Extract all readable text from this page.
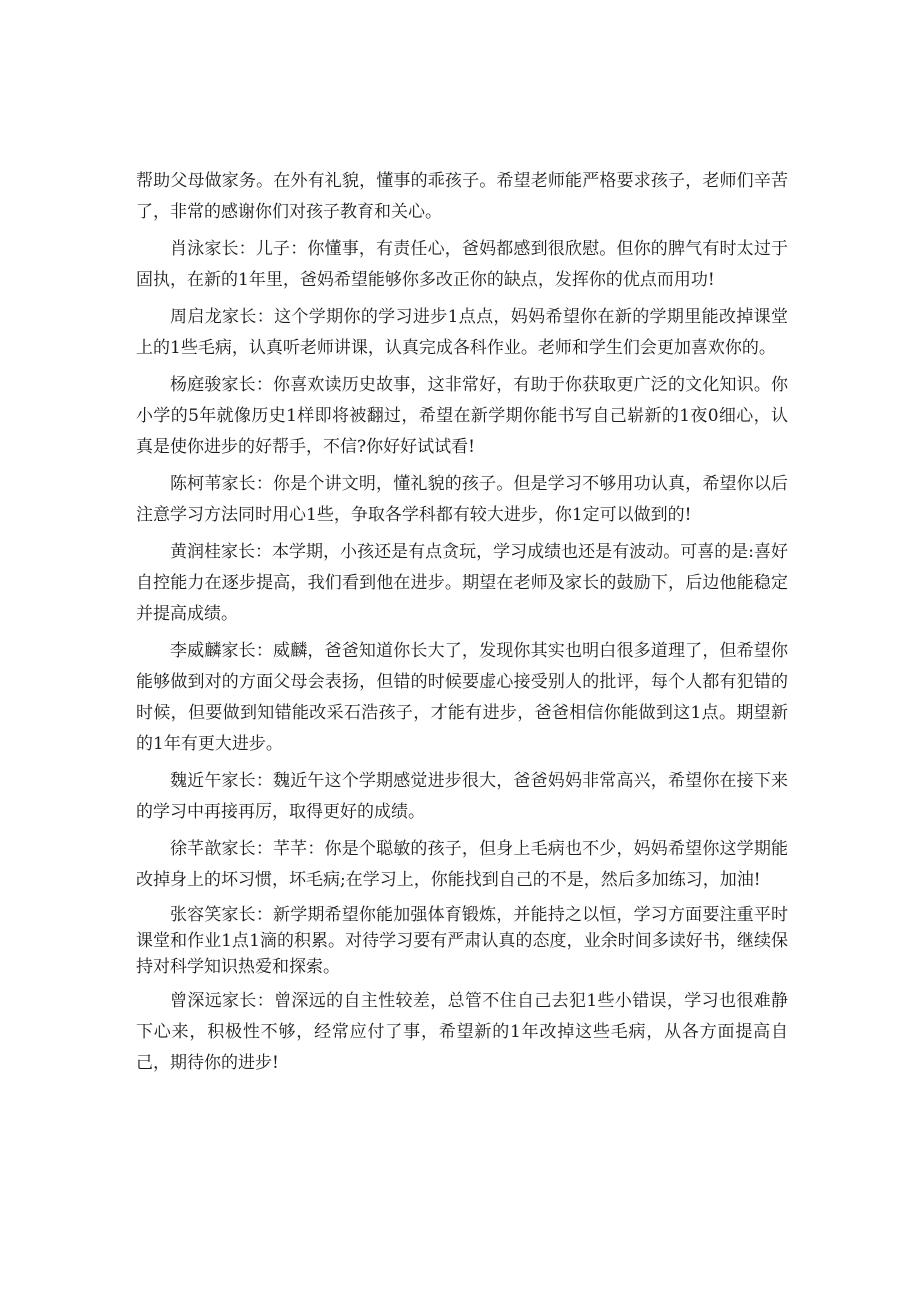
帮助父母做家务。在外有礼貌，懂事的乖孩子。希望老师能严格要求孩子，老师们辛苦了，非常的感谢你们对孩子教育和关心。

肖泳家长：儿子：你懂事，有责任心，爸妈都感到很欣慰。但你的脾气有时太过于固执，在新的1年里，爸妈希望能够你多改正你的缺点，发挥你的优点而用功!

周启龙家长：这个学期你的学习进步1点点，妈妈希望你在新的学期里能改掉课堂上的1些毛病，认真听老师讲课，认真完成各科作业。老师和学生们会更加喜欢你的。

杨庭骏家长：你喜欢读历史故事，这非常好，有助于你获取更广泛的文化知识。你小学的5年就像历史1样即将被翻过，希望在新学期你能书写自己崭新的1夜0细心，认真是使你进步的好帮手，不信?你好好试试看!

陈柯苇家长：你是个讲文明，懂礼貌的孩子。但是学习不够用功认真，希望你以后注意学习方法同时用心1些，争取各学科都有较大进步，你1定可以做到的!

黄润桂家长：本学期，小孩还是有点贪玩，学习成绩也还是有波动。可喜的是:喜好自控能力在逐步提高，我们看到他在进步。期望在老师及家长的鼓励下，后边他能稳定并提高成绩。

李威麟家长：威麟，爸爸知道你长大了，发现你其实也明白很多道理了，但希望你能够做到对的方面父母会表扬，但错的时候要虚心接受别人的批评，每个人都有犯错的时候，但要做到知错能改采石浩孩子，才能有进步，爸爸相信你能做到这1点。期望新的1年有更大进步。

魏近午家长：魏近午这个学期感觉进步很大，爸爸妈妈非常高兴，希望你在接下来的学习中再接再厉，取得更好的成绩。

徐芊歆家长：芊芊：你是个聪敏的孩子，但身上毛病也不少，妈妈希望你这学期能改掉身上的坏习惯，坏毛病;在学习上，你能找到自己的不是，然后多加练习，加油!

张容笑家长：新学期希望你能加强体育锻炼，并能持之以恒，学习方面要注重平时课堂和作业1点1滴的积累。对待学习要有严肃认真的态度，业余时间多读好书，继续保持对科学知识热爱和探索。

曾深远家长：曾深远的自主性较差，总管不住自己去犯1些小错误，学习也很难静下心来，积极性不够，经常应付了事，希望新的1年改掉这些毛病，从各方面提高自己，期待你的进步!
